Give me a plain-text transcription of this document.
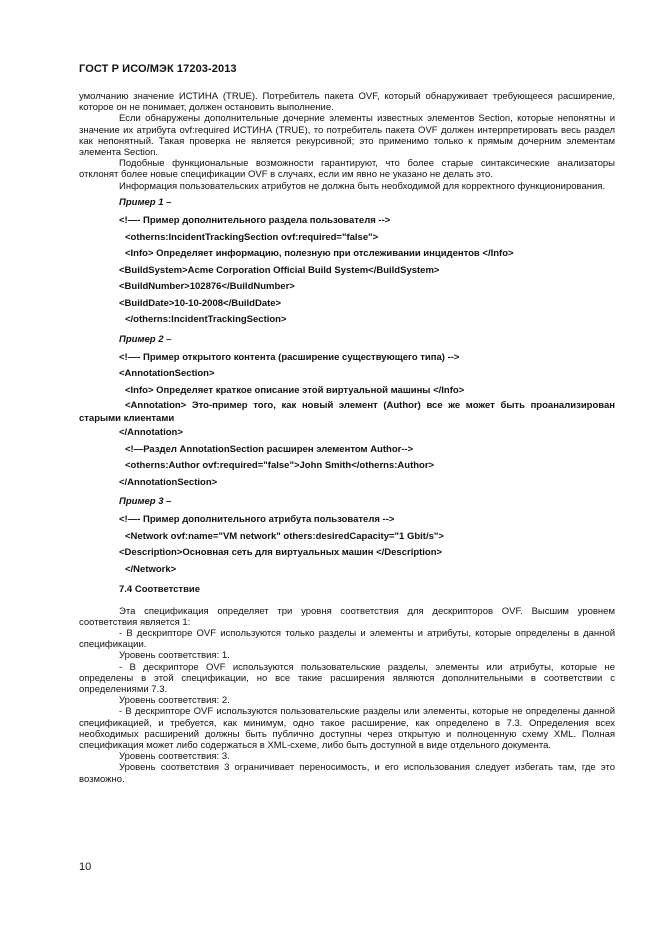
ГОСТ Р ИСО/МЭК 17203-2013

умолчанию значение ИСТИНА (TRUE). Потребитель пакета OVF, который обнаруживает требующееся расширение, которое он не понимает, должен остановить выполнение.

Если обнаружены дополнительные дочерние элементы известных элементов Section, которые непонятны и значение их атрибута ovf:required ИСТИНА (TRUE), то потребитель пакета OVF должен интерпретировать весь раздел как непонятный. Такая проверка не является рекурсивной; это применимо только к прямым дочерним элементам элемента Section.

Подобные функциональные возможности гарантируют, что более старые синтаксические анализаторы отклонят более новые спецификации OVF в случаях, если им явно не указано не делать это.

Информация пользовательских атрибутов не должна быть необходимой для корректного функционирования.

Пример 1 –
<!—- Пример дополнительного раздела пользователя -->
<otherns:IncidentTrackingSection ovf:required="false">
<Info> Определяет информацию, полезную при отслеживании инцидентов </Info>
<BuildSystem>Acme Corporation Official Build System</BuildSystem>
<BuildNumber>102876</BuildNumber>
<BuildDate>10-10-2008</BuildDate>
</otherns:IncidentTrackingSection>
Пример 2 –
<!—- Пример открытого контента (расширение существующего типа) -->
<AnnotationSection>
<Info> Определяет краткое описание этой виртуальной машины </Info>
<Annotation> Это-пример того, как новый элемент (Author) все же может быть проанализирован старыми клиентами
</Annotation>
<!—Раздел AnnotationSection расширен элементом Author-->
<otherns:Author ovf:required="false">John Smith</otherns:Author>
</AnnotationSection>
Пример 3 –
<!—- Пример дополнительного атрибута пользователя -->
<Network ovf:name="VM network" others:desiredCapacity="1 Gbit/s">
<Description>Основная сеть для виртуальных машин </Description>
</Network>
7.4 Соответствие

Эта спецификация определяет три уровня соответствия для дескрипторов OVF. Высшим уровнем соответствия является 1:

- В дескрипторе OVF используются только разделы и элементы и атрибуты, которые определены в данной спецификации.

Уровень соответствия: 1.

- В дескрипторе OVF используются пользовательские разделы, элементы или атрибуты, которые не определены в этой спецификации, но все такие расширения являются дополнительными в соответствии с определениями 7.3.

Уровень соответствия: 2.

- В дескрипторе OVF используются пользовательские разделы или элементы, которые не определены данной спецификацией, и требуется, как минимум, одно такое расширение, как определено в 7.3. Определения всех необходимых расширений должны быть публично доступны через открытую и полноценную схему XML. Полная спецификация может либо содержаться в XML-схеме, либо быть доступной в виде отдельного документа.

Уровень соответствия: 3.

Уровень соответствия 3 ограничивает переносимость, и его использования следует избегать там, где это возможно.

10
